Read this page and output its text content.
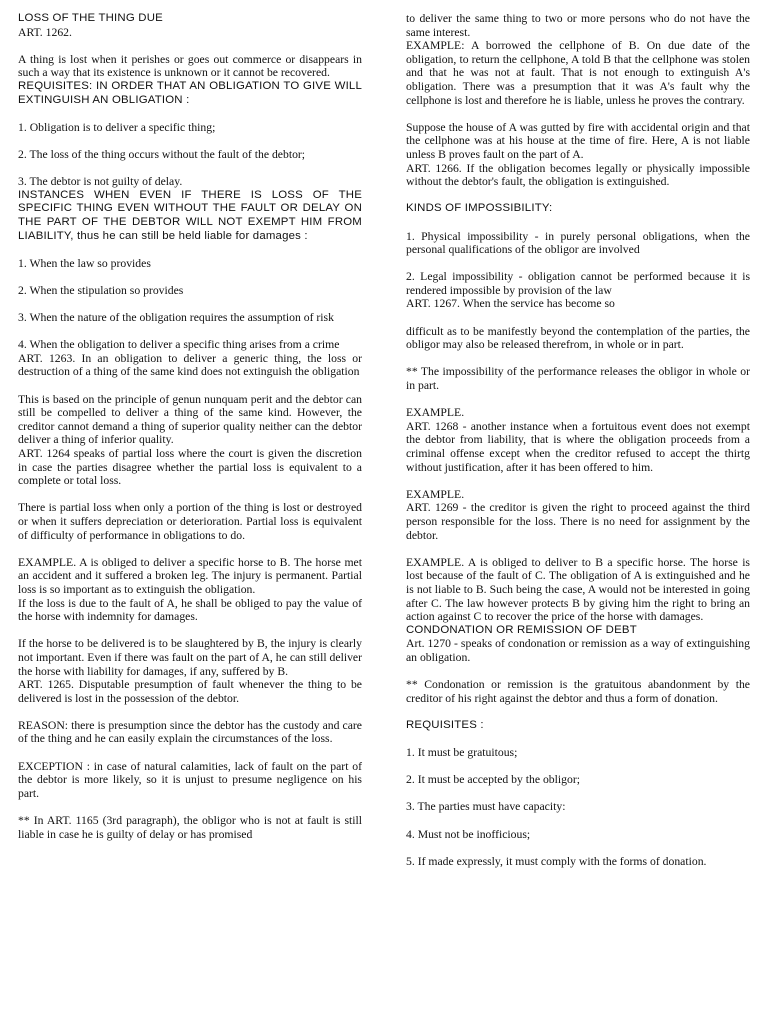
LOSS OF THE THING DUE

ART. 1262.

A thing is lost when it perishes or goes out commerce or disappears in such a way that its existence is unknown or it cannot be recovered.

REQUISITES: IN ORDER THAT AN OBLIGATION TO GIVE WILL EXTINGUISH AN OBLIGATION :

1. Obligation is to deliver a specific thing;

2. The loss of the thing occurs without the fault of the debtor;

3. The debtor is not guilty of delay.

INSTANCES WHEN EVEN IF THERE IS LOSS OF THE SPECIFIC THING EVEN WITHOUT THE FAULT OR DELAY ON THE PART OF THE DEBTOR WILL NOT EXEMPT HIM FROM LIABILITY, thus he can still be held liable for damages :

1. When the law so provides

2. When the stipulation so provides

3. When the nature of the obligation requires the assumption of risk

4. When the obligation to deliver a specific thing arises from a crime

ART. 1263. In an obligation to deliver a generic thing, the loss or destruction of a thing of the same kind does not extinguish the obligation

This is based on the principle of genun nunquam perit and the debtor can still be compelled to deliver a thing of the same kind. However, the creditor cannot demand a thing of superior quality neither can the debtor deliver a thing of inferior quality.

ART. 1264 speaks of partial loss where the court is given the discretion in case the parties disagree whether the partial loss is equivalent to a complete or total loss.

There is partial loss when only a portion of the thing is lost or destroyed or when it suffers depreciation or deterioration. Partial loss is equivalent of difficulty of performance in obligations to do.

EXAMPLE. A is obliged to deliver a specific horse to B. The horse met an accident and it suffered a broken leg. The injury is permanent. Partial loss is so important as to extinguish the obligation.

If the loss is due to the fault of A, he shall be obliged to pay the value of the horse with indemnity for damages.

If the horse to be delivered is to be slaughtered by B, the injury is clearly not important. Even if there was fault on the part of A, he can still deliver the horse with liability for damages, if any, suffered by B.

ART. 1265. Disputable presumption of fault whenever the thing to be delivered is lost in the possession of the debtor.

REASON: there is presumption since the debtor has the custody and care of the thing and he can easily explain the circumstances of the loss.

EXCEPTION : in case of natural calamities, lack of fault on the part of the debtor is more likely, so it is unjust to presume negligence on his part.

** In ART. 1165 (3rd paragraph), the obligor who is not at fault is still liable in case he is guilty of delay or has promised

to deliver the same thing to two or more persons who do not have the same interest.

EXAMPLE: A borrowed the cellphone of B. On due date of the obligation, to return the cellphone, A told B that the cellphone was stolen and that he was not at fault. That is not enough to extinguish A's obligation. There was a presumption that it was A's fault why the cellphone is lost and therefore he is liable, unless he proves the contrary.

Suppose the house of A was gutted by fire with accidental origin and that the cellphone was at his house at the time of fire. Here, A is not liable unless B proves fault on the part of A.

ART. 1266. If the obligation becomes legally or physically impossible without the debtor's fault, the obligation is extinguished.

KINDS OF IMPOSSIBILITY:

1. Physical impossibility - in purely personal obligations, when the personal qualifications of the obligor are involved

2. Legal impossibility - obligation cannot be performed because it is rendered impossible by provision of the law

ART. 1267. When the service has become so

difficult as to be manifestly beyond the contemplation of the parties, the obligor may also be released therefrom, in whole or in part.

** The impossibility of the performance releases the obligor in whole or in part.

EXAMPLE.

ART. 1268 - another instance when a fortuitous event does not exempt the debtor from liability, that is where the obligation proceeds from a criminal offense except when the creditor refused to accept the thirtg without justification, after it has been offered to him.

EXAMPLE.

ART. 1269 - the creditor is given the right to proceed against the third person responsible for the loss. There is no need for assignment by the debtor.

EXAMPLE. A is obliged to deliver to B a specific horse. The horse is lost because of the fault of C. The obligation of A is extinguished and he is not liable to B. Such being the case, A would not be interested in going after C. The law however protects B by giving him the right to bring an action against C to recover the price of the horse with damages.

CONDONATION OR REMISSION OF DEBT

Art. 1270 - speaks of condonation or remission as a way of extinguishing an obligation.

** Condonation or remission is the gratuitous abandonment by the creditor of his right against the debtor and thus a form of donation.

REQUISITES :

1. It must be gratuitous;

2. It must be accepted by the obligor;

3. The parties must have capacity:

4. Must not be inofficious;

5. If made expressly, it must comply with the forms of donation.
